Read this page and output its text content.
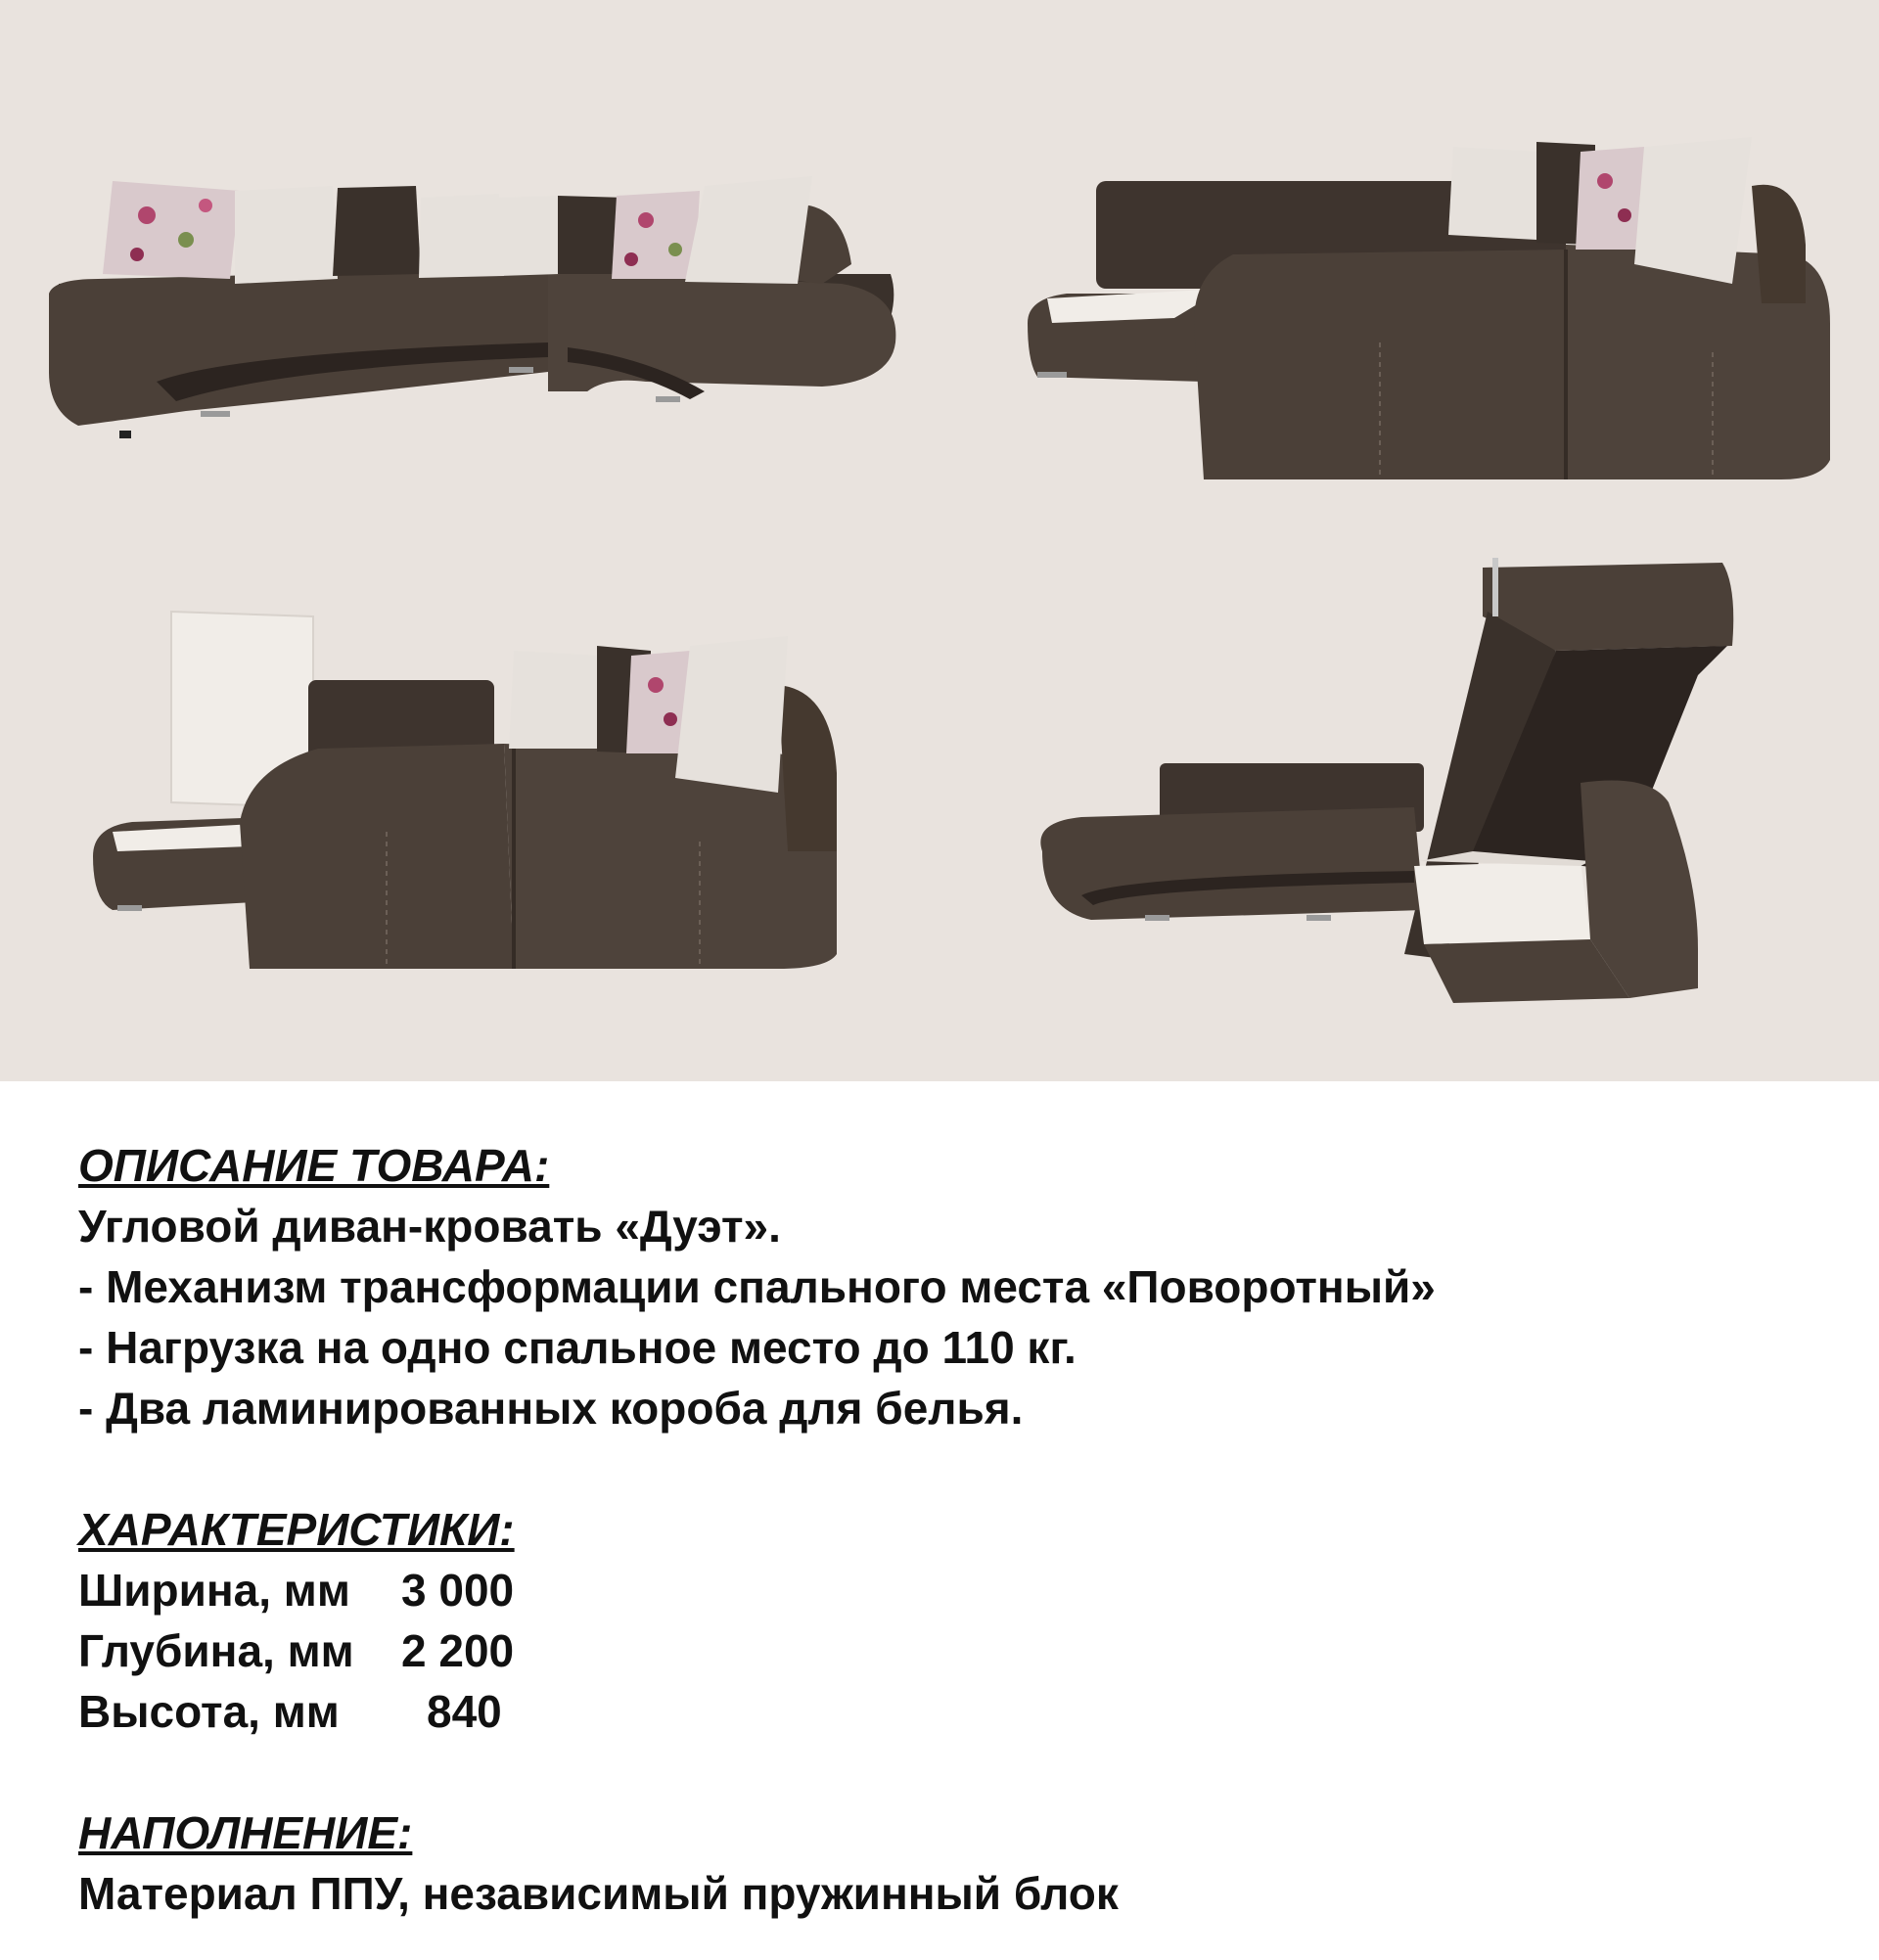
ОПИСАНИЕ ТОВАРА:

Угловой диван-кровать «Дуэт».

- Механизм трансформации спального места «Поворотный»

- Нагрузка на одно спальное место до 110 кг.

- Два ламинированных короба для белья.

ХАРАКТЕРИСТИКИ:

Ширина, мм	3 000
Глубина, мм	2 200
Высота, мм	840

НАПОЛНЕНИЕ:

Материал ППУ, независимый пружинный блок
